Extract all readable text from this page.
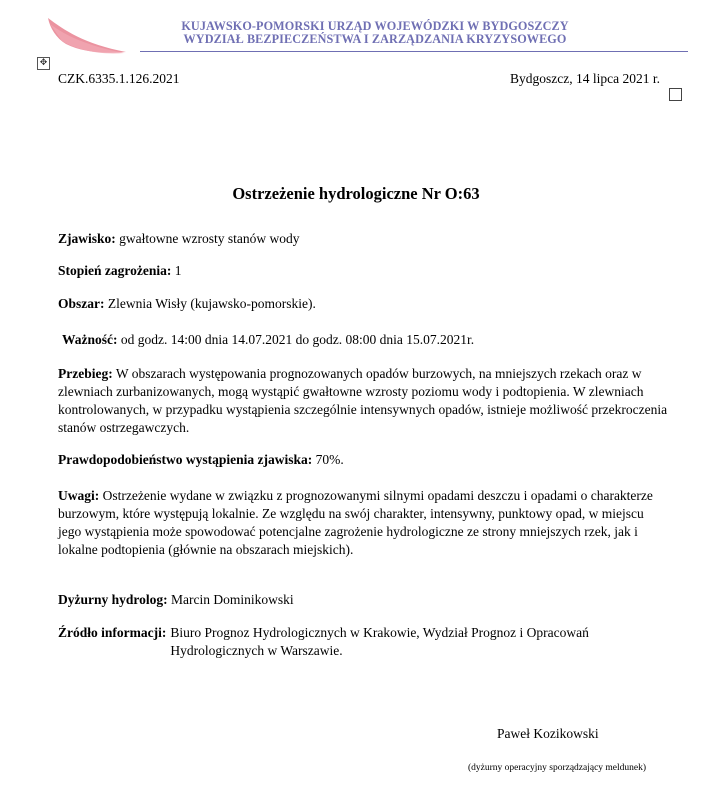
KUJAWSKO-POMORSKI URZĄD WOJEWÓDZKI W BYDGOSZCZY
WYDZIAŁ BEZPIECZEŃSTWA I ZARZĄDZANIA KRYZYSOWEGO
✥
CZK.6335.1.126.2021	Bydgoszcz, 14 lipca 2021 r.
Ostrzeżenie hydrologiczne Nr O:63
Zjawisko: gwałtowne wzrosty stanów wody
Stopień zagrożenia: 1
Obszar: Zlewnia Wisły (kujawsko-pomorskie).
Ważność: od godz. 14:00 dnia 14.07.2021 do godz. 08:00 dnia 15.07.2021r.
Przebieg: W obszarach występowania prognozowanych opadów burzowych, na mniejszych rzekach oraz w zlewniach zurbanizowanych, mogą wystąpić gwałtowne wzrosty poziomu wody i podtopienia. W zlewniach kontrolowanych, w przypadku wystąpienia szczególnie intensywnych opadów, istnieje możliwość przekroczenia stanów ostrzegawczych.
Prawdopodobieństwo wystąpienia zjawiska: 70%.
Uwagi: Ostrzeżenie wydane w związku z prognozowanymi silnymi opadami deszczu i opadami o charakterze burzowym, które występują lokalnie. Ze względu na swój charakter, intensywny, punktowy opad, w miejscu jego wystąpienia może spowodować potencjalne zagrożenie hydrologiczne ze strony mniejszych rzek, jak i lokalne podtopienia (głównie na obszarach miejskich).
Dyżurny hydrolog: Marcin Dominikowski
Źródło informacji: Biuro Prognoz Hydrologicznych w Krakowie, Wydział Prognoz i Opracowań Hydrologicznych w Warszawie.
Paweł Kozikowski
(dyżurny operacyjny sporządzający meldunek)
